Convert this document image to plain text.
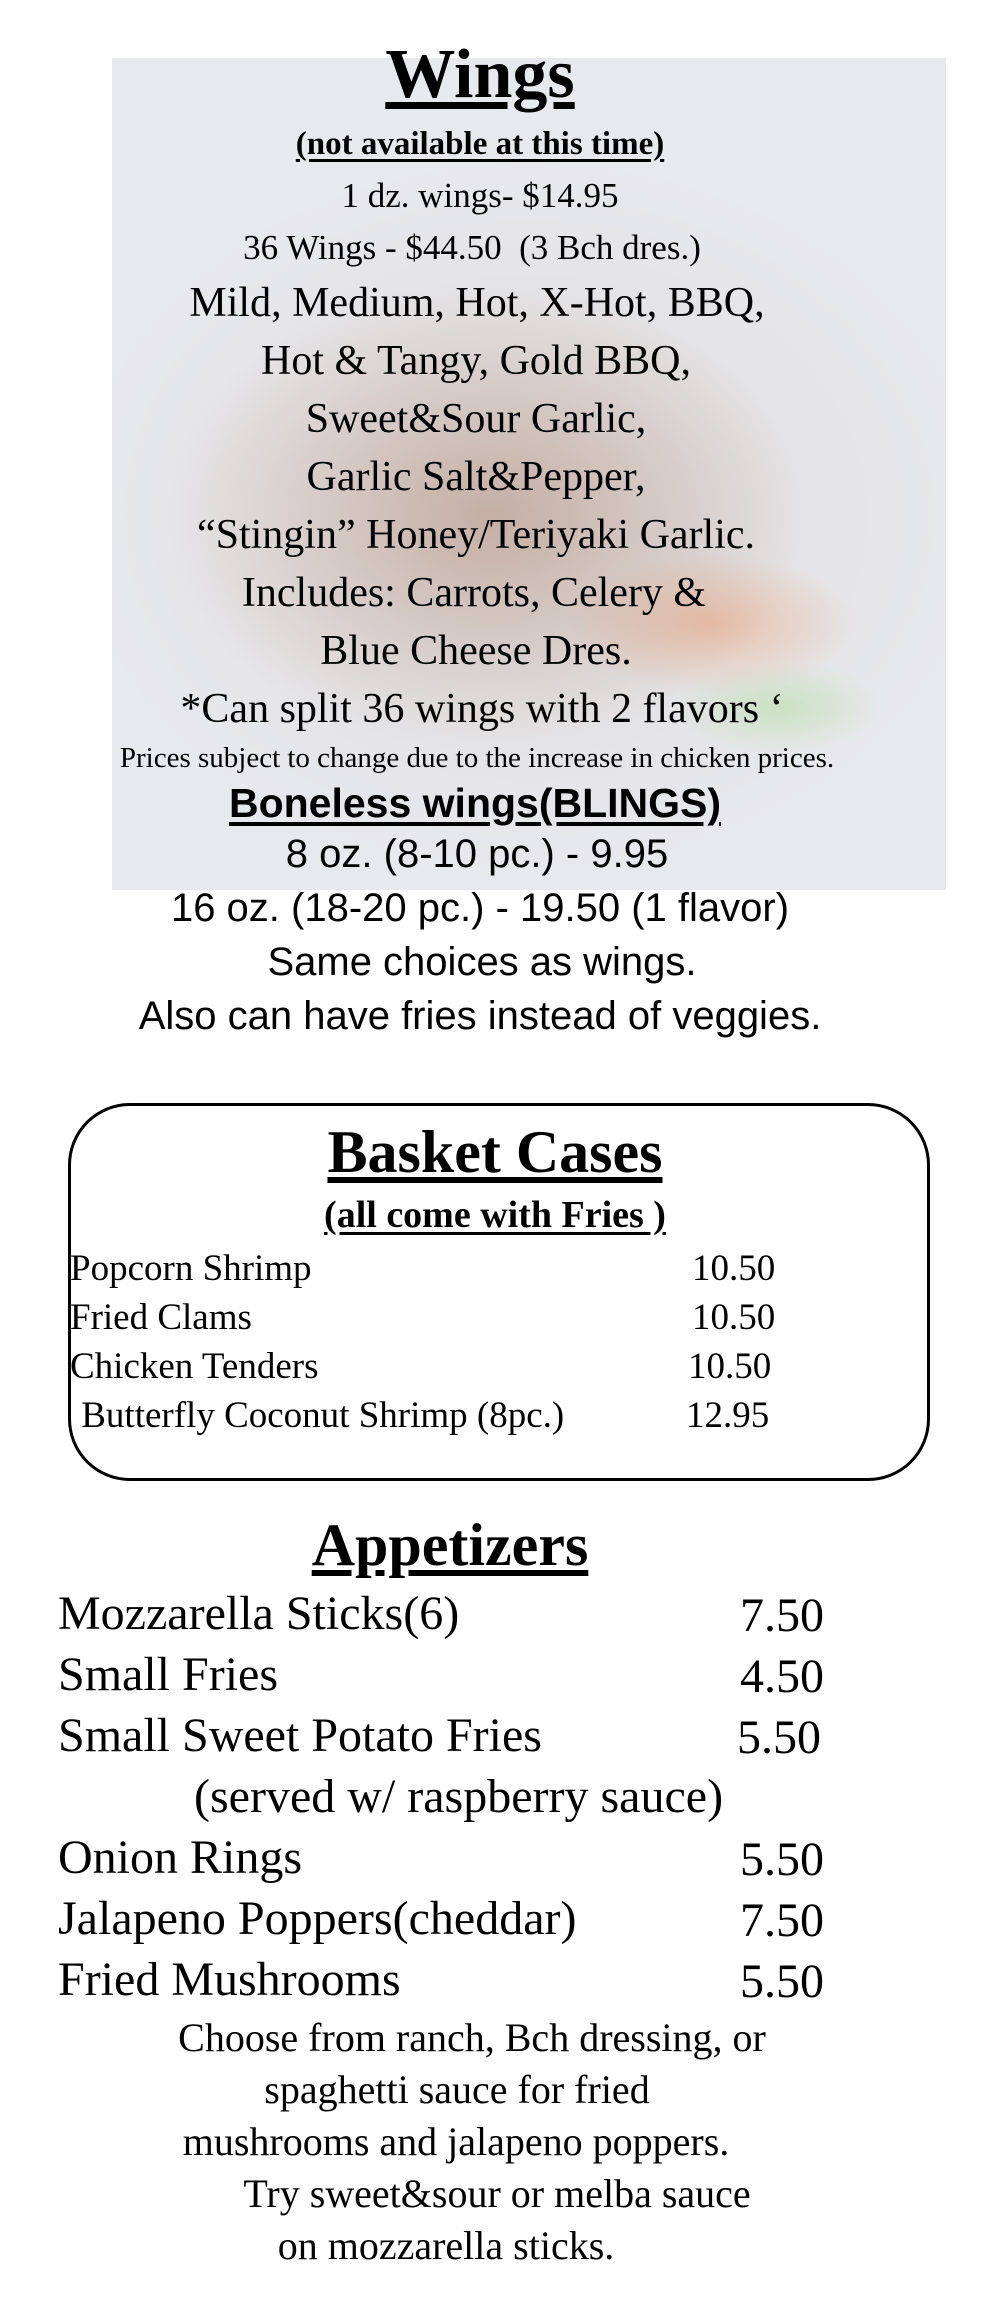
Wings
(not available at this time)
1 dz. wings- $14.95
36 Wings - $44.50  (3 Bch dres.)
Mild, Medium, Hot, X-Hot, BBQ,
Hot & Tangy, Gold BBQ,
Sweet&Sour Garlic,
Garlic Salt&Pepper,
“Stingin” Honey/Teriyaki Garlic.
Includes: Carrots, Celery &
Blue Cheese Dres.
*Can split 36 wings with 2 flavors ‘
Prices subject to change due to the increase in chicken prices.
Boneless wings(BLINGS)
8 oz. (8-10 pc.) - 9.95
16 oz. (18-20 pc.) - 19.50 (1 flavor)
Same choices as wings.
Also can have fries instead of veggies.
Basket Cases
(all come with Fries )
Popcorn Shrimp	10.50
Fried Clams	10.50
Chicken Tenders	10.50
Butterfly Coconut Shrimp (8pc.)	12.95
Appetizers
Mozzarella Sticks(6)	7.50
Small Fries	4.50
Small Sweet Potato Fries	5.50
(served w/ raspberry sauce)
Onion Rings	5.50
Jalapeno Poppers(cheddar)	7.50
Fried Mushrooms	5.50
Choose from ranch, Bch dressing, or
spaghetti sauce for fried
mushrooms and jalapeno poppers.
Try sweet&sour or melba sauce
on mozzarella sticks.
